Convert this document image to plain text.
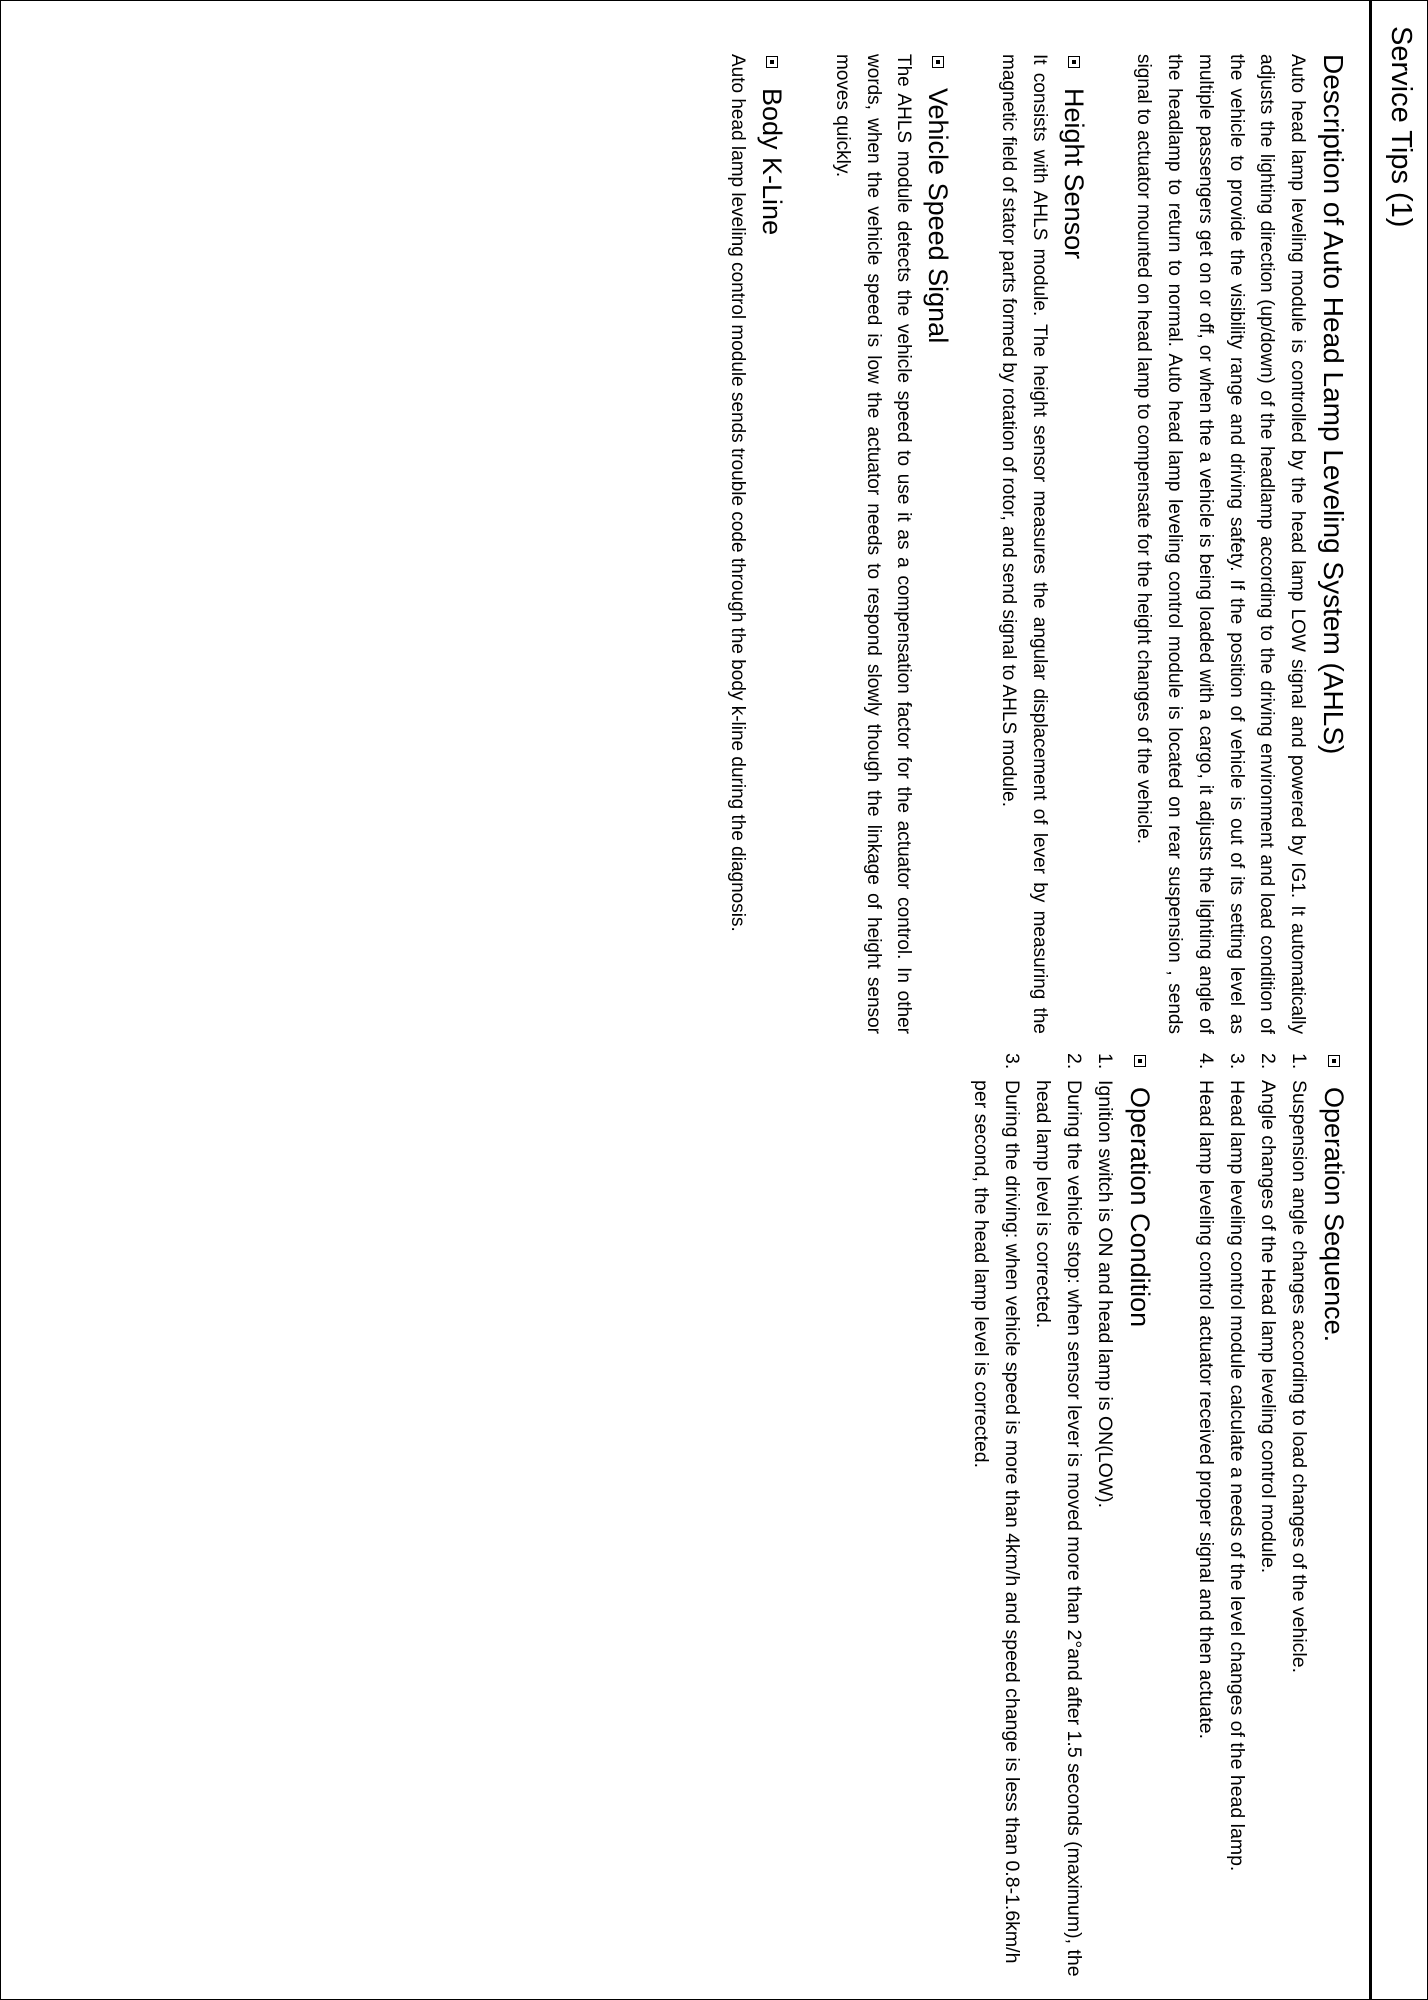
Service Tips (1)
Description of Auto Head Lamp Leveling System (AHLS)

Auto head lamp leveling module is controlled by the head lamp LOW signal and powered by IG1. It automatically adjusts the lighting direction (up/down) of the headlamp according to the driving environment and load condition of the vehicle to provide the visibility range and driving safety. If the position of vehicle is out of its setting level as multiple passengers get on or off, or when the a vehicle is being loaded with a cargo, it adjusts the lighting angle of the headlamp to return to normal. Auto head lamp leveling control module is located on rear suspension , sends signal to actuator mounted on head lamp to compensate for the height changes of the vehicle.

Height Sensor

It consists with AHLS module. The height sensor measures the angular displacement of lever by measuring the magnetic field of stator parts formed by rotation of rotor, and send signal to AHLS module.

Vehicle Speed Signal

The AHLS module detects the vehicle speed to use it as a compensation factor for the actuator control. In other words, when the vehicle speed is low the actuator needs to respond slowly though the linkage of height sensor moves quickly.

Body K-Line

Auto head lamp leveling control module sends trouble code through the body k-line during the diagnosis.

Operation Sequence.
1.
Suspension angle changes according to load changes of the vehicle.
2.
Angle changes of the Head lamp leveling control module.
3.
Head lamp leveling control module calculate a needs of the level changes of the head lamp.
4.
Head lamp leveling control actuator received proper signal and then actuate.
Operation Condition
1.
Ignition switch is ON and head lamp is ON(LOW).
2.
During the vehicle stop: when sensor lever is moved more than 2°and after 1.5 seconds (maximum), the head lamp level is corrected.
3.
During the driving: when vehicle speed is more than 4km/h and speed change is less than 0.8-1.6km/h per second, the head lamp level is corrected.
